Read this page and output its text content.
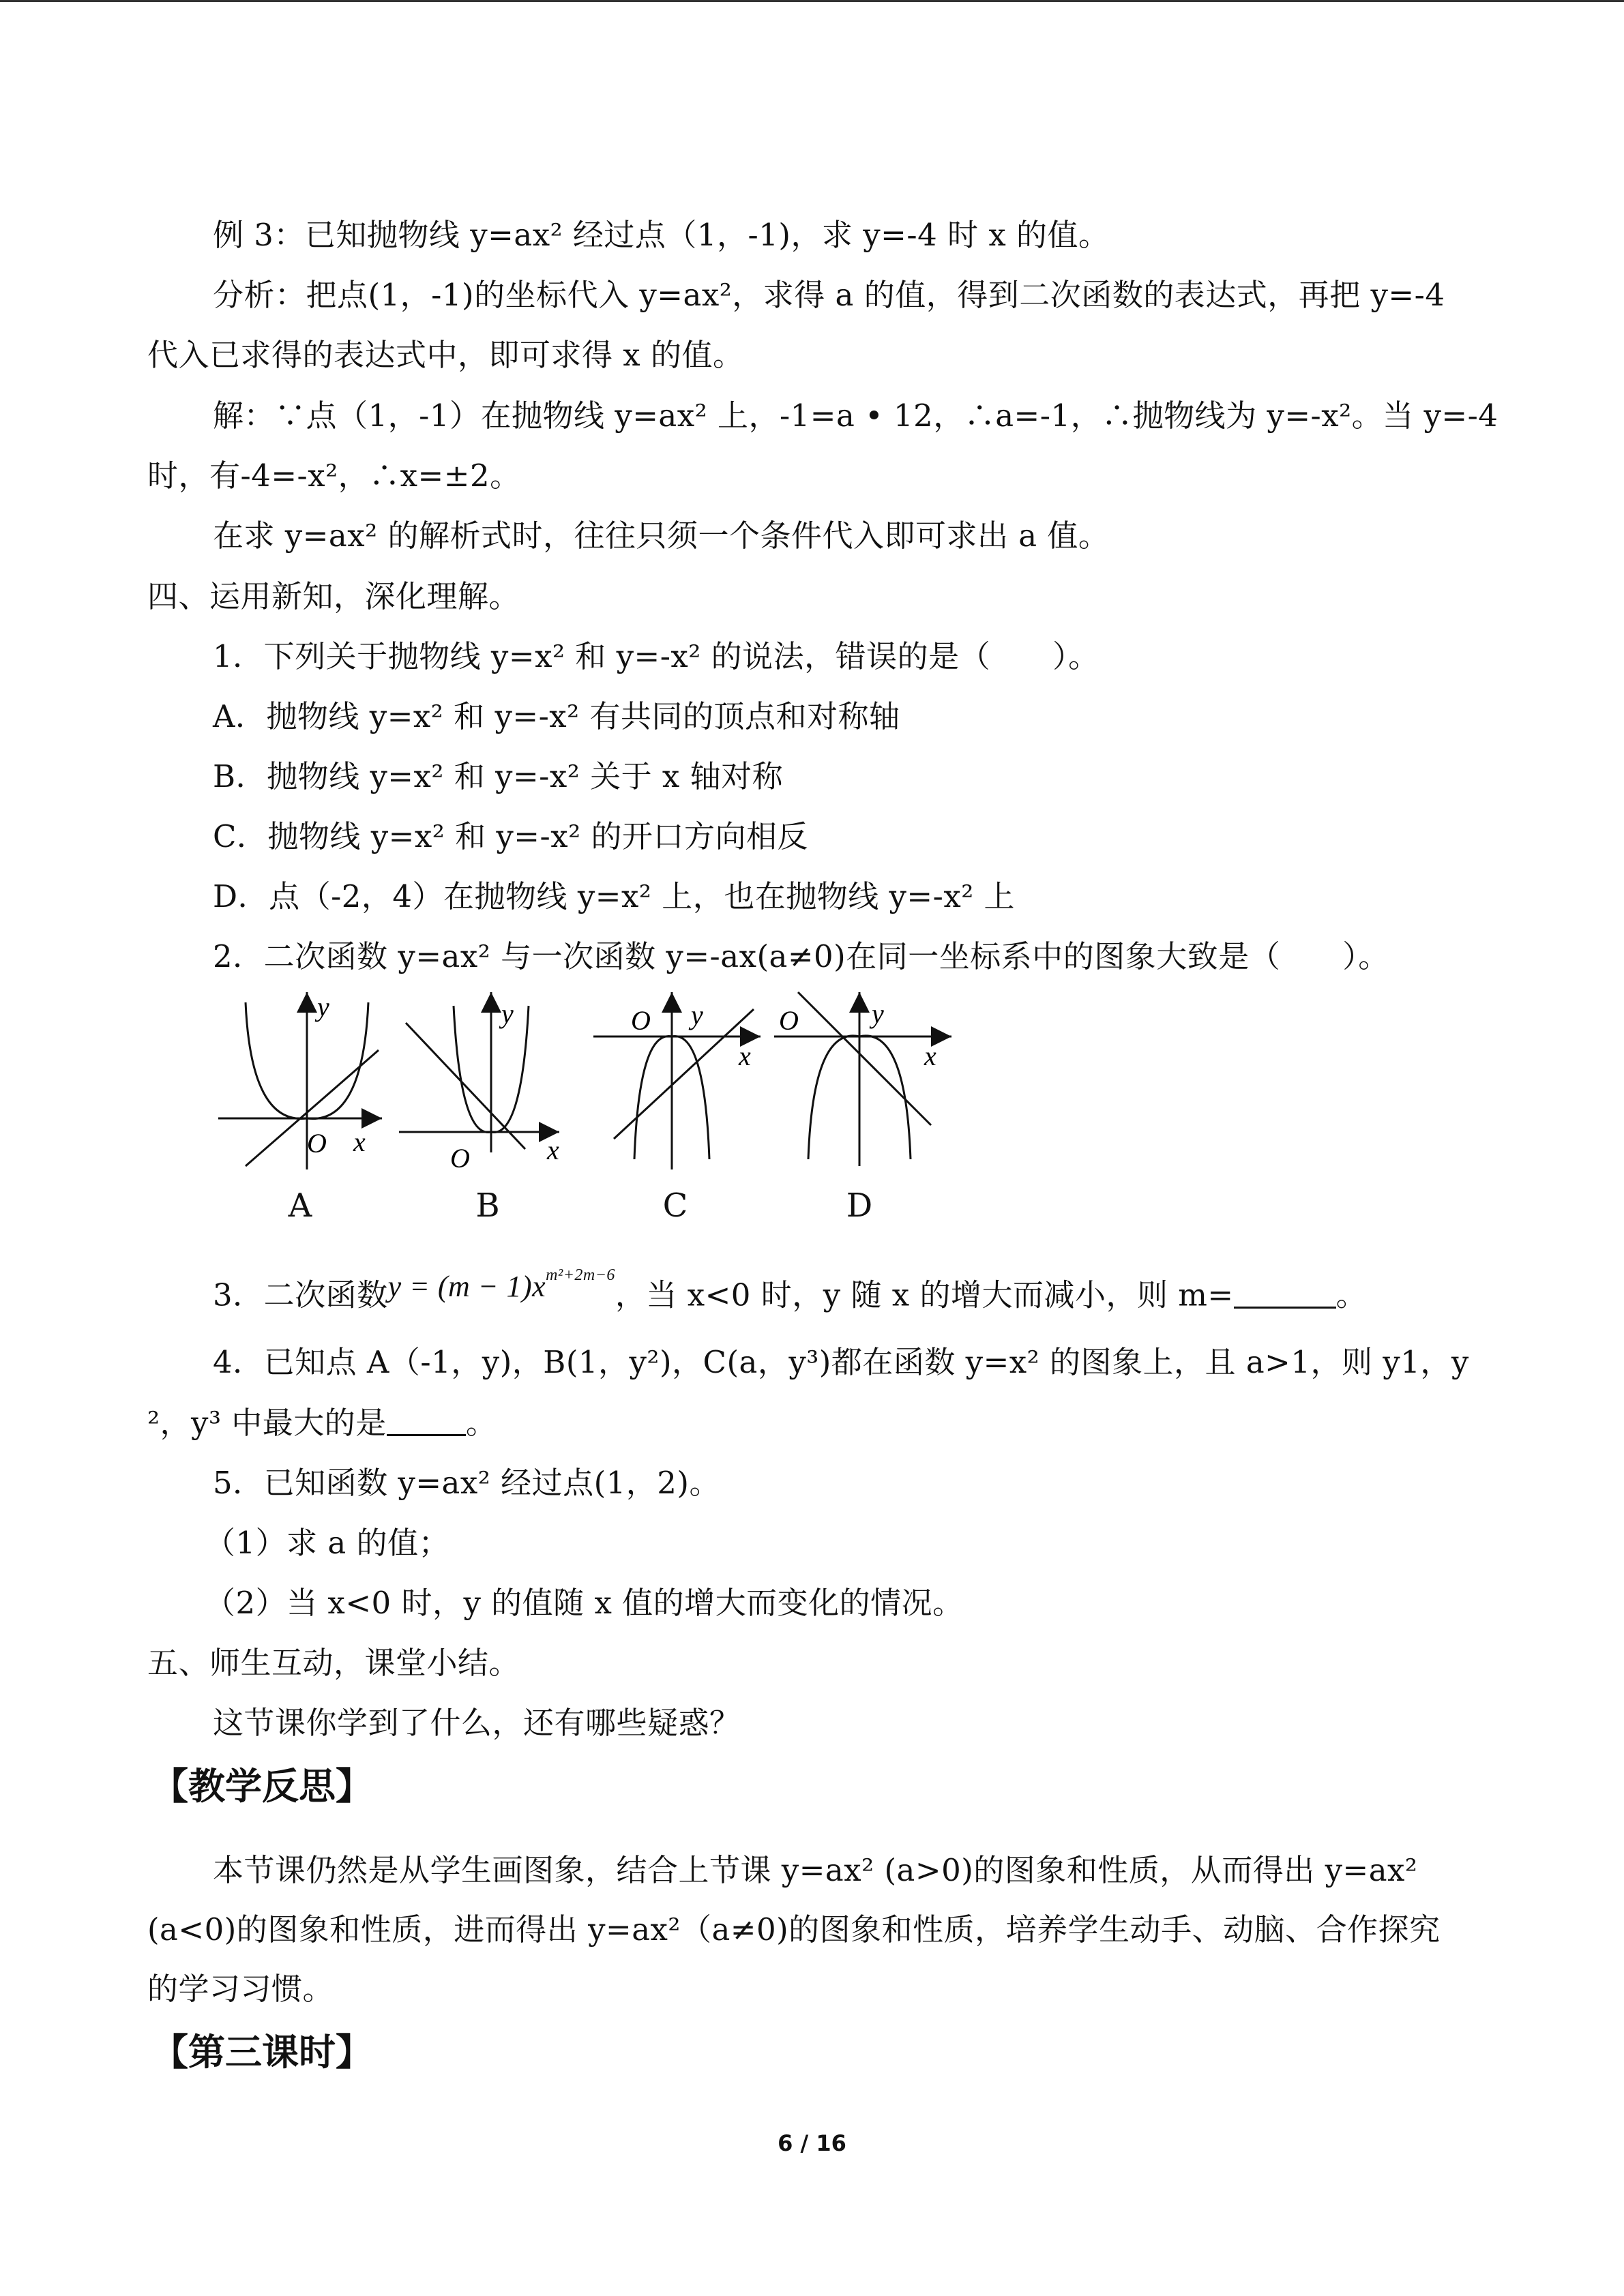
例 3：已知抛物线 y=ax² 经过点（1，-1)，求 y=-4 时 x 的值。
分析：把点(1，-1)的坐标代入 y=ax²，求得 a 的值，得到二次函数的表达式，再把 y=-4
代入已求得的表达式中，即可求得 x 的值。
解：∵点（1，-1）在抛物线 y=ax² 上，-1=a • 12，∴a=-1，∴抛物线为 y=-x²。当 y=-4
时，有-4=-x²，∴x=±2。
在求 y=ax² 的解析式时，往往只须一个条件代入即可求出 a 值。
四、运用新知，深化理解。
1．下列关于抛物线 y=x² 和 y=-x² 的说法，错误的是（　　）。
A．抛物线 y=x² 和 y=-x² 有共同的顶点和对称轴
B．抛物线 y=x² 和 y=-x² 关于 x 轴对称
C．抛物线 y=x² 和 y=-x² 的开口方向相反
D．点（-2，4）在抛物线 y=x² 上，也在抛物线 y=-x² 上
2．二次函数 y=ax² 与一次函数 y=-ax(a≠0)在同一坐标系中的图象大致是（　　）。
y
O x
A
y
O	x
B
O y
x
C
O	y
x
D
3．二次函数$y = (m - 1)x^{m^2+2m-6}$，当 x<0 时，y 随 x 的增大而减小，则 m=	。
4．已知点 A（-1，y)，B(1，y²)，C(a，y³)都在函数 y=x² 的图象上，且 a>1，则 y1，y
²，y³ 中最大的是	。
5．已知函数 y=ax² 经过点(1，2)。
（1）求 a 的值；
（2）当 x<0 时，y 的值随 x 值的增大而变化的情况。
五、师生互动，课堂小结。
这节课你学到了什么，还有哪些疑惑？
【教学反思】
本节课仍然是从学生画图象，结合上节课 y=ax² (a>0)的图象和性质，从而得出 y=ax²
(a<0)的图象和性质，进而得出 y=ax²（a≠0)的图象和性质，培养学生动手、动脑、合作探究
的学习习惯。
【第三课时】
6 / 16
